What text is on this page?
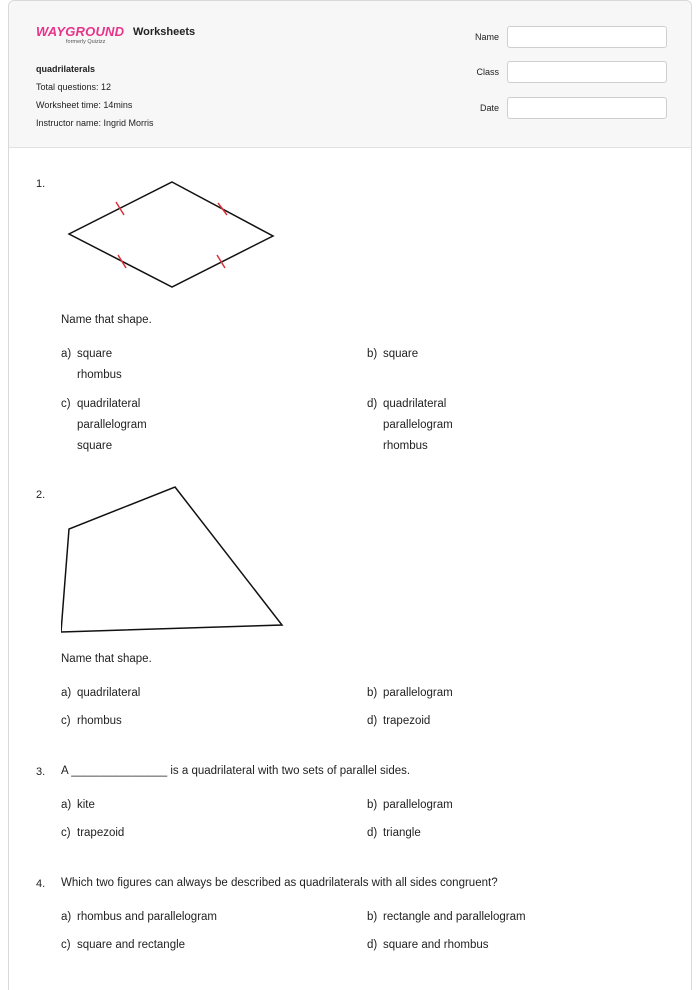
WAYGROUND
formerly Quizizz
Worksheets
quadrilaterals
Total questions: 12
Worksheet time: 14mins
Instructor name: Ingrid Morris
Name
Class
Date
1.
Name that shape.
a) square
rhombus
b) square
c) quadrilateral
parallelogram
square
d) quadrilateral
parallelogram
rhombus
2.
Name that shape.
a) quadrilateral	b) parallelogram
c) rhombus	d) trapezoid
3. A _______________ is a quadrilateral with two sets of parallel sides.
a) kite	b) parallelogram
c) trapezoid	d) triangle
4. Which two figures can always be described as quadrilaterals with all sides congruent?
a) rhombus and parallelogram	b) rectangle and parallelogram
c) square and rectangle	d) square and rhombus
